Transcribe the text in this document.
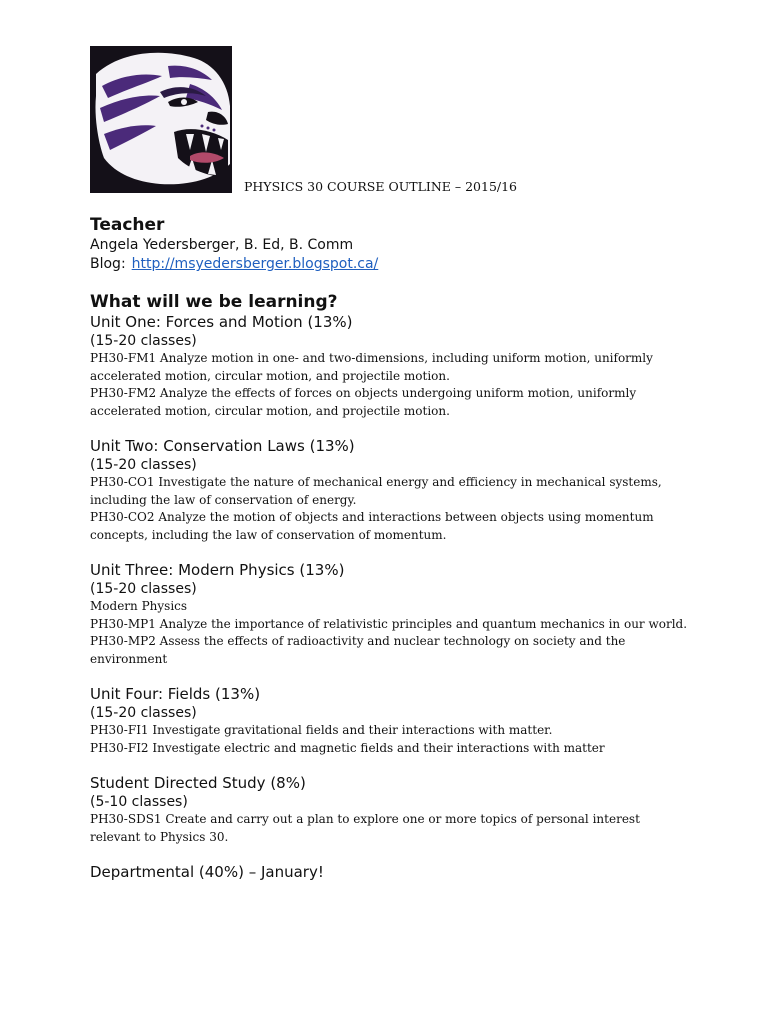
PHYSICS 30 COURSE OUTLINE – 2015/16
Teacher
Angela Yedersberger, B. Ed, B. Comm
Blog: http://msyedersberger.blogspot.ca/
What will we be learning?
Unit One: Forces and Motion (13%)
(15-20 classes)
PH30-FM1 Analyze motion in one- and two-dimensions, including uniform motion, uniformly accelerated motion, circular motion, and projectile motion.
PH30-FM2 Analyze the effects of forces on objects undergoing uniform motion, uniformly accelerated motion, circular motion, and projectile motion.
Unit Two: Conservation Laws (13%)
(15-20 classes)
PH30-CO1 Investigate the nature of mechanical energy and efficiency in mechanical systems, including the law of conservation of energy.
PH30-CO2 Analyze the motion of objects and interactions between objects using momentum concepts, including the law of conservation of momentum.
Unit Three: Modern Physics (13%)
(15-20 classes)
Modern Physics
PH30-MP1 Analyze the importance of relativistic principles and quantum mechanics in our world.
PH30-MP2 Assess the effects of radioactivity and nuclear technology on society and the environment
Unit Four: Fields (13%)
(15-20 classes)
PH30-FI1 Investigate gravitational fields and their interactions with matter.
PH30-FI2 Investigate electric and magnetic fields and their interactions with matter
Student Directed Study (8%)
(5-10 classes)
PH30-SDS1 Create and carry out a plan to explore one or more topics of personal interest relevant to Physics 30.
Departmental (40%) – January!
